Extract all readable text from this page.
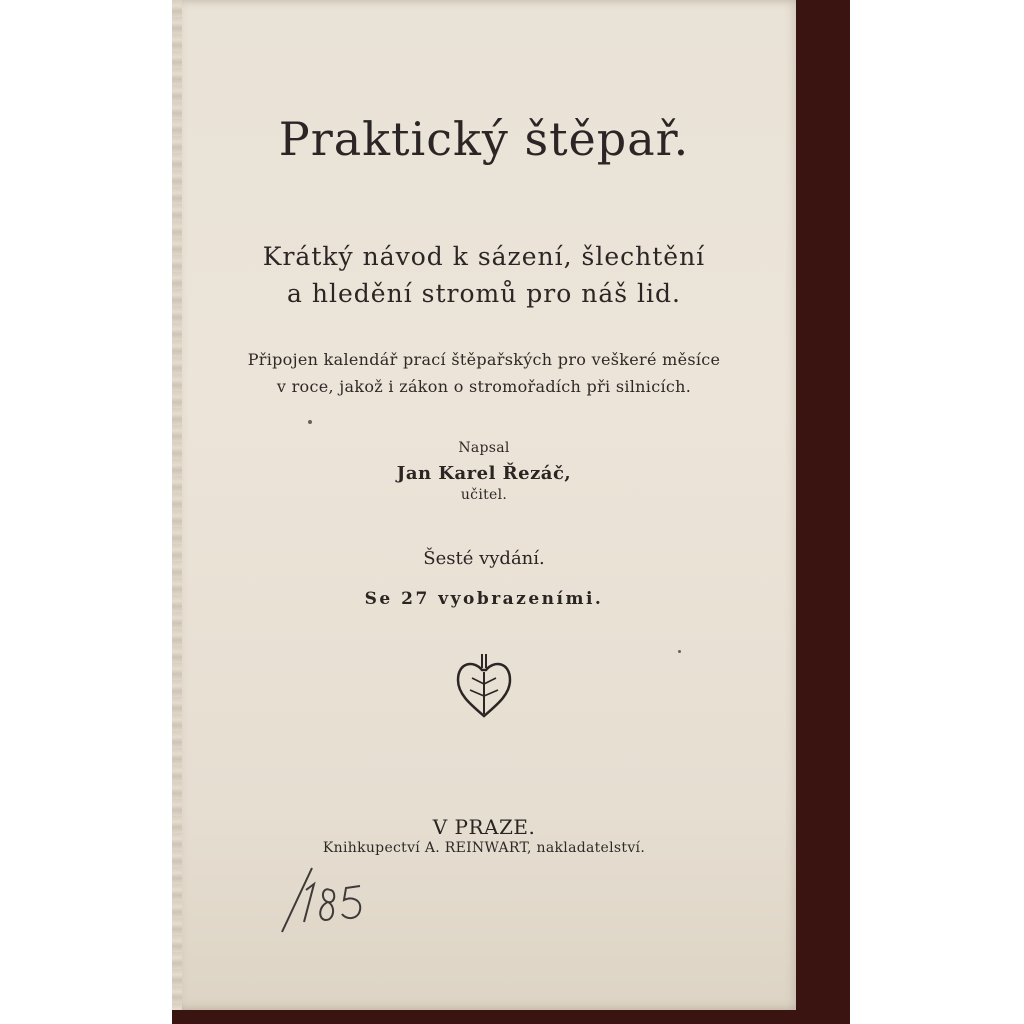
Praktický štěpař.
Krátký návod k sázení, šlechtění
a hledění stromů pro náš lid.
Připojen kalendář prací štěpařských pro veškeré měsíce
v roce, jakož i zákon o stromořadích při silnicích.
Napsal
Jan Karel Řezáč,
učitel.
Šesté vydání.
Se 27 vyobrazeními.
V PRAZE.
Knihkupectví A. REINWART, nakladatelství.
